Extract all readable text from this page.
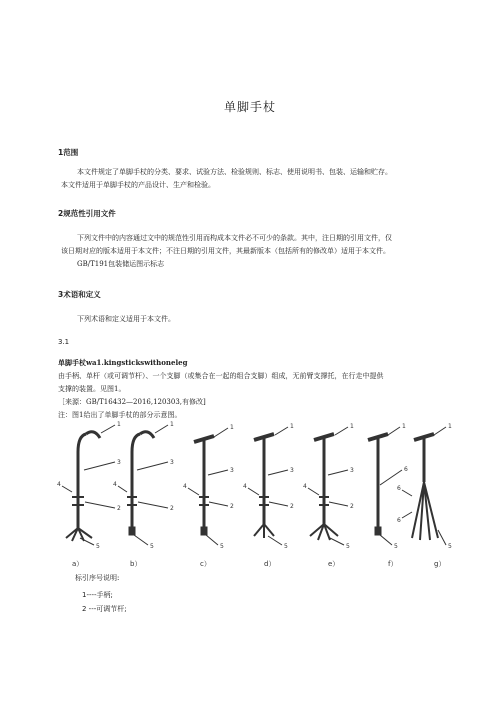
单脚手杖
1范围
本文件规定了单脚手杖的分类、要求、试验方法、检验规则、标志、使用说明书、包装、运输和贮存。
本文件适用于单脚手杖的产品设计、生产和检验。
2规范性引用文件
下列文件中的内容通过文中的规范性引用而构成本文件必不可少的条款。其中，注日期的引用文件，仅
该日期对应的版本适用于本文件；不注日期的引用文件，其最新版本（包括所有的修改单）适用于本文件。
GB/T191包装储运图示标志
3术语和定义
下列术语和定义适用于本文件。
3.1
单脚手杖wa1.kingstickswithoneleg
由手柄、单杆（或可调节杆）、一个支脚（或集合在一起的组合支脚）组成，无前臂支撑托，在行走中提供
支撑的装置。见图1。
［来源：GB/T16432—2016,120303,有修改]
注：图1给出了单脚手杖的部分示意图。
1
3
2
4
5
1
3
2
4
5
1
3
2
4
5
1
3
2
4
5
1
3
2
4
5
1
6
5
1
6
6
5
a）	b）	c）	d）	e）	f）	g）
标引序号说明:
1----手柄;
2 ---可调节杆;
